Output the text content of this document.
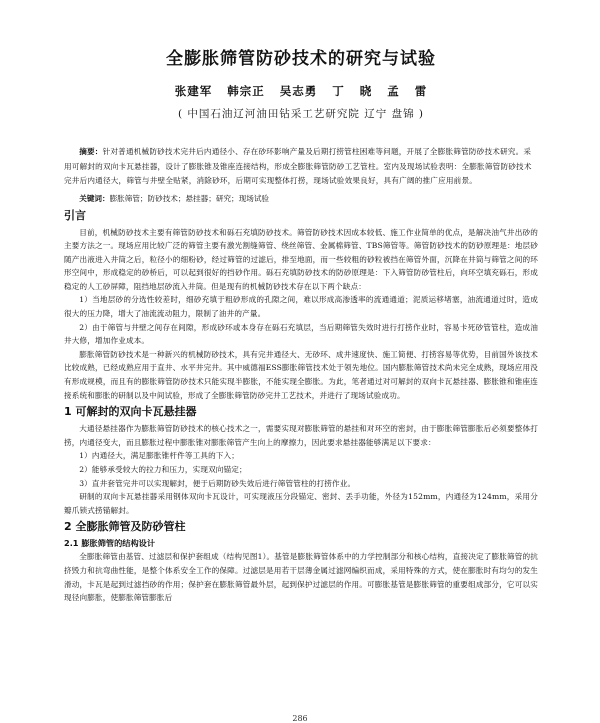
全膨胀筛管防砂技术的研究与试验
张建军 韩宗正 吴志勇 丁 晓 孟 雷
( 中国石油辽河油田钻采工艺研究院 辽宁 盘锦 )
摘要：针对普通机械防砂技术完井后内通径小、存在砂环影响产量及后期打捞管柱困难等问题，开展了全膨胀筛管防砂技术研究。采用可解封的双向卡瓦悬挂器，设计了膨胀锥及锥座连接结构，形成全膨胀筛管防砂工艺管柱。室内及现场试验表明：全膨胀筛管防砂技术完井后内通径大，筛管与井壁全贴紧，消除砂环，后期可实现整体打捞，现场试验效果良好，具有广阔的推广应用前景。
关键词：膨胀筛管；防砂技术；悬挂器；研究；现场试验
引言

目前，机械防砂技术主要有筛管防砂技术和砾石充填防砂技术。筛管防砂技术因成本较低、施工作业简单的优点，是解决油气井出砂的主要方法之一。现场应用比较广泛的筛管主要有激光割缝筛管、绕丝筛管、金属棉筛管、TBS筛管等。筛管防砂技术的防砂原理是：地层砂随产出液进入井筒之后，粒径小的细粉砂，经过筛管的过滤后，排至地面，而一些较粗的砂粒被挡在筛管外面，沉降在井筒与筛管之间的环形空间中，形成稳定的砂桥后，可以起到很好的挡砂作用。砾石充填防砂技术的防砂原理是：下入筛管防砂管柱后，向环空填充砾石，形成稳定的人工砂屏障，阻挡地层砂流入井筒。但是现有的机械防砂技术存在以下两个缺点：

1）当地层砂的分选性较差时，细砂充填于粗砂形成的孔隙之间，难以形成高渗透率的流通通道；泥质运移堵塞，油流通道过时，造成很大的压力降，增大了油流流动阻力，限制了油井的产量。

2）由于筛管与井壁之间存在间隙，形成砂环或本身存在砾石充填层，当后期筛管失效时进行打捞作业时，容易卡死砂管管柱，造成油井大修，增加作业成本。

膨胀筛管防砂技术是一种新兴的机械防砂技术，具有完井通径大、无砂环、成井速度快、施工简便、打捞容易等优势，目前国外该技术比较成熟，已经成熟应用于直井、水平井完井。其中威德福ESS膨胀筛管技术处于领先地位。国内膨胀筛管技术尚未完全成熟，现场应用没有形成规模，而且有的膨胀筛管防砂技术只能实现半膨胀，不能实现全膨胀。为此，笔者通过对可解封的双向卡瓦悬挂器、膨胀锥和锥座连接系统和膨胀的研制以及中间试验，形成了全膨胀筛管防砂完井工艺技术，并进行了现场试验成功。

1 可解封的双向卡瓦悬挂器

大通径悬挂器作为膨胀筛管防砂技术的核心技术之一，需要实现对膨胀筛管的悬挂和对环空的密封，由于膨胀筛管膨胀后必须要整体打捞，内通径变大，而且膨胀过程中膨胀锥对膨胀筛管产生向上的摩擦力，因此要求悬挂器能够满足以下要求：

1）内通径大，满足膨胀锥杆件等工具的下入；

2）能够承受较大的拉力和压力，实现双向锚定；

3）直井套管完井可以实现解封，便于后期防砂失效后进行筛管管柱的打捞作业。

研制的双向卡瓦悬挂器采用钢体双向卡瓦设计，可实现液压分段锚定、密封、丢手功能，外径为152mm，内通径为124mm，采用分瓣爪锁式捞锚解封。

2 全膨胀筛管及防砂管柱
2.1 膨胀筛管的结构设计

全膨胀筛管由基管、过滤层和保护套组成（结构见图1）。基管是膨胀筛管体系中的力学控制部分和核心结构，直接决定了膨胀筛管的抗挤毁力和抗弯曲性能，是整个体系安全工作的保障。过滤层是用若干层薄金属过滤网编织而成，采用特殊的方式，使在膨胀时有均匀的发生滑动，卡瓦是起到过滤挡砂的作用；保护套在膨胀筛管最外层，起到保护过滤层的作用。可膨胀基管是膨胀筛管的重要组成部分，它可以实现径向膨胀，使膨胀筛管膨胀后

286
